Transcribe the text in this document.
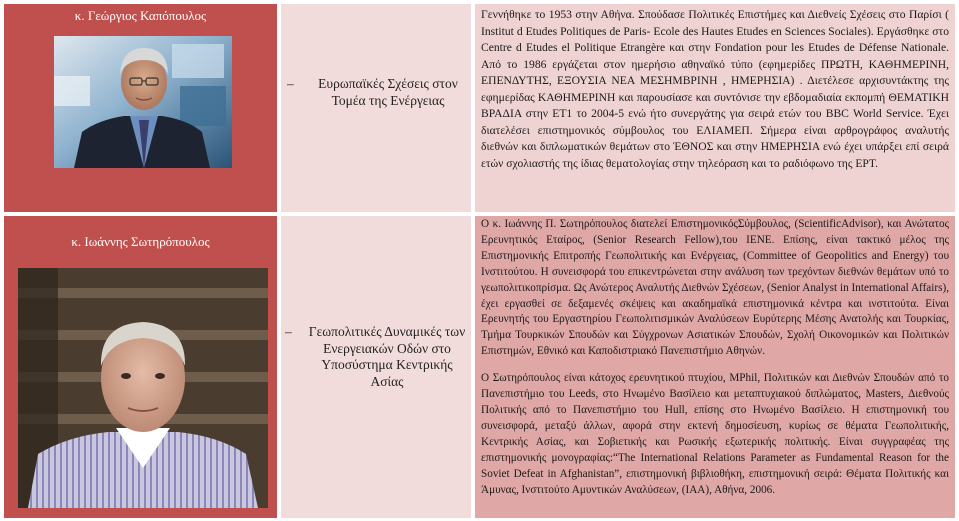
κ. Γεώργιος Καπόπουλος
–	Ευρωπαϊκές Σχέσεις στον Τομέα της Ενέργειας

Γεννήθηκε το 1953 στην Αθήνα. Σπούδασε Πολιτικές Επιστήμες και Διεθνείς Σχέσεις στο Παρίσι ( Institut d Etudes Politiques de Paris- Ecole des Hautes Etudes en Sciences Sociales). Εργάσθηκε στο Centre d Etudes el Politique Etrangère και στην Fondation pour les Etudes de Défense Nationale. Από το 1986 εργάζεται στον ημερήσιο αθηναϊκό τύπο (εφημερίδες ΠΡΩΤΗ, ΚΑΘΗΜΕΡΙΝΗ, ΕΠΕΝΔΥΤΗΣ, ΕΞΟΥΣΙΑ ΝΕΑ ΜΕΣΗΜΒΡΙΝΗ , ΗΜΕΡΗΣΙΑ) . Διετέλεσε αρχισυντάκτης της εφημερίδας ΚΑΘΗΜΕΡΙΝΗ και παρουσίασε και συντόνισε την εβδομαδιαία εκπομπή ΘΕΜΑΤΙΚΗ ΒΡΑΔΙΑ στην ΕΤ1 το 2004-5 ενώ ήτο συνεργάτης για σειρά ετών του BBC World Service. Έχει διατελέσει επιστημονικός σύμβουλος του ΕΛΙΑΜΕΠ. Σήμερα είναι αρθρογράφος αναλυτής διεθνών και διπλωματικών θεμάτων στο ΈΘΝΟΣ και στην ΗΜΕΡΗΣΙΑ ενώ έχει υπάρξει επί σειρά ετών σχολιαστής της ίδιας θεματολογίας στην τηλεόραση και το ραδιόφωνο της ΕΡΤ.

κ. Ιωάννης Σωτηρόπουλος
–	Γεωπολιτικές Δυναμικές των Ενεργειακών Οδών στο Υποσύστημα Κεντρικής Ασίας

Ο κ. Ιωάννης Π. Σωτηρόπουλος διατελεί ΕπιστημονικόςΣύμβουλος, (ScientificAdvisor), και Ανώτατος Ερευνητικός Εταίρος, (Senior Research Fellow),του ΙΕΝΕ. Επίσης, είναι τακτικό μέλος της Επιστημονικής Επιτροπής Γεωπολιτικής και Ενέργειας, (Committee of Geopolitics and Energy) του Ινστιτούτου. Η συνεισφορά του επικεντρώνεται στην ανάλυση των τρεχόντων διεθνών θεμάτων υπό το γεωπολιτικοπρίσμα. Ως Ανώτερος Αναλυτής Διεθνών Σχέσεων, (Senior Analyst in International Affairs), έχει εργασθεί σε δεξαμενές σκέψεις και ακαδημαϊκά επιστημονικά κέντρα και ινστιτούτα. Είναι Ερευνητής του Εργαστηρίου Γεωπολιτισμικών Αναλύσεων Ευρύτερης Μέσης Ανατολής και Τουρκίας, Τμήμα Τουρκικών Σπουδών και Σύγχρονων Ασιατικών Σπουδών, Σχολή Οικονομικών και Πολιτικών Επιστημών, Εθνικό και Καποδιστριακό Πανεπιστήμιο Αθηνών.

Ο Σωτηρόπουλος είναι κάτοχος ερευνητικού πτυχίου, MPhil, Πολιτικών και Διεθνών Σπουδών από το Πανεπιστήμιο του Leeds, στο Ηνωμένο Βασίλειο και μεταπτυχιακού διπλώματος, Masters, Διεθνούς Πολιτικής από το Πανεπιστήμιο του Hull, επίσης στο Ηνωμένο Βασίλειο. Η επιστημονική του συνεισφορά, μεταξύ άλλων, αφορά στην εκτενή δημοσίευση, κυρίως σε θέματα Γεωπολιτικής, Κεντρικής Ασίας, και Σοβιετικής και Ρωσικής εξωτερικής πολιτικής. Είναι συγγραφέας της επιστημονικής μονογραφίας:“The International Relations Parameter as Fundamental Reason for the Soviet Defeat in Afghanistan”, επιστημονική βιβλιοθήκη, επιστημονική σειρά: Θέματα Πολιτικής και Άμυνας, Ινστιτούτο Αμυντικών Αναλύσεων, (ΙΑΑ), Αθήνα, 2006.
